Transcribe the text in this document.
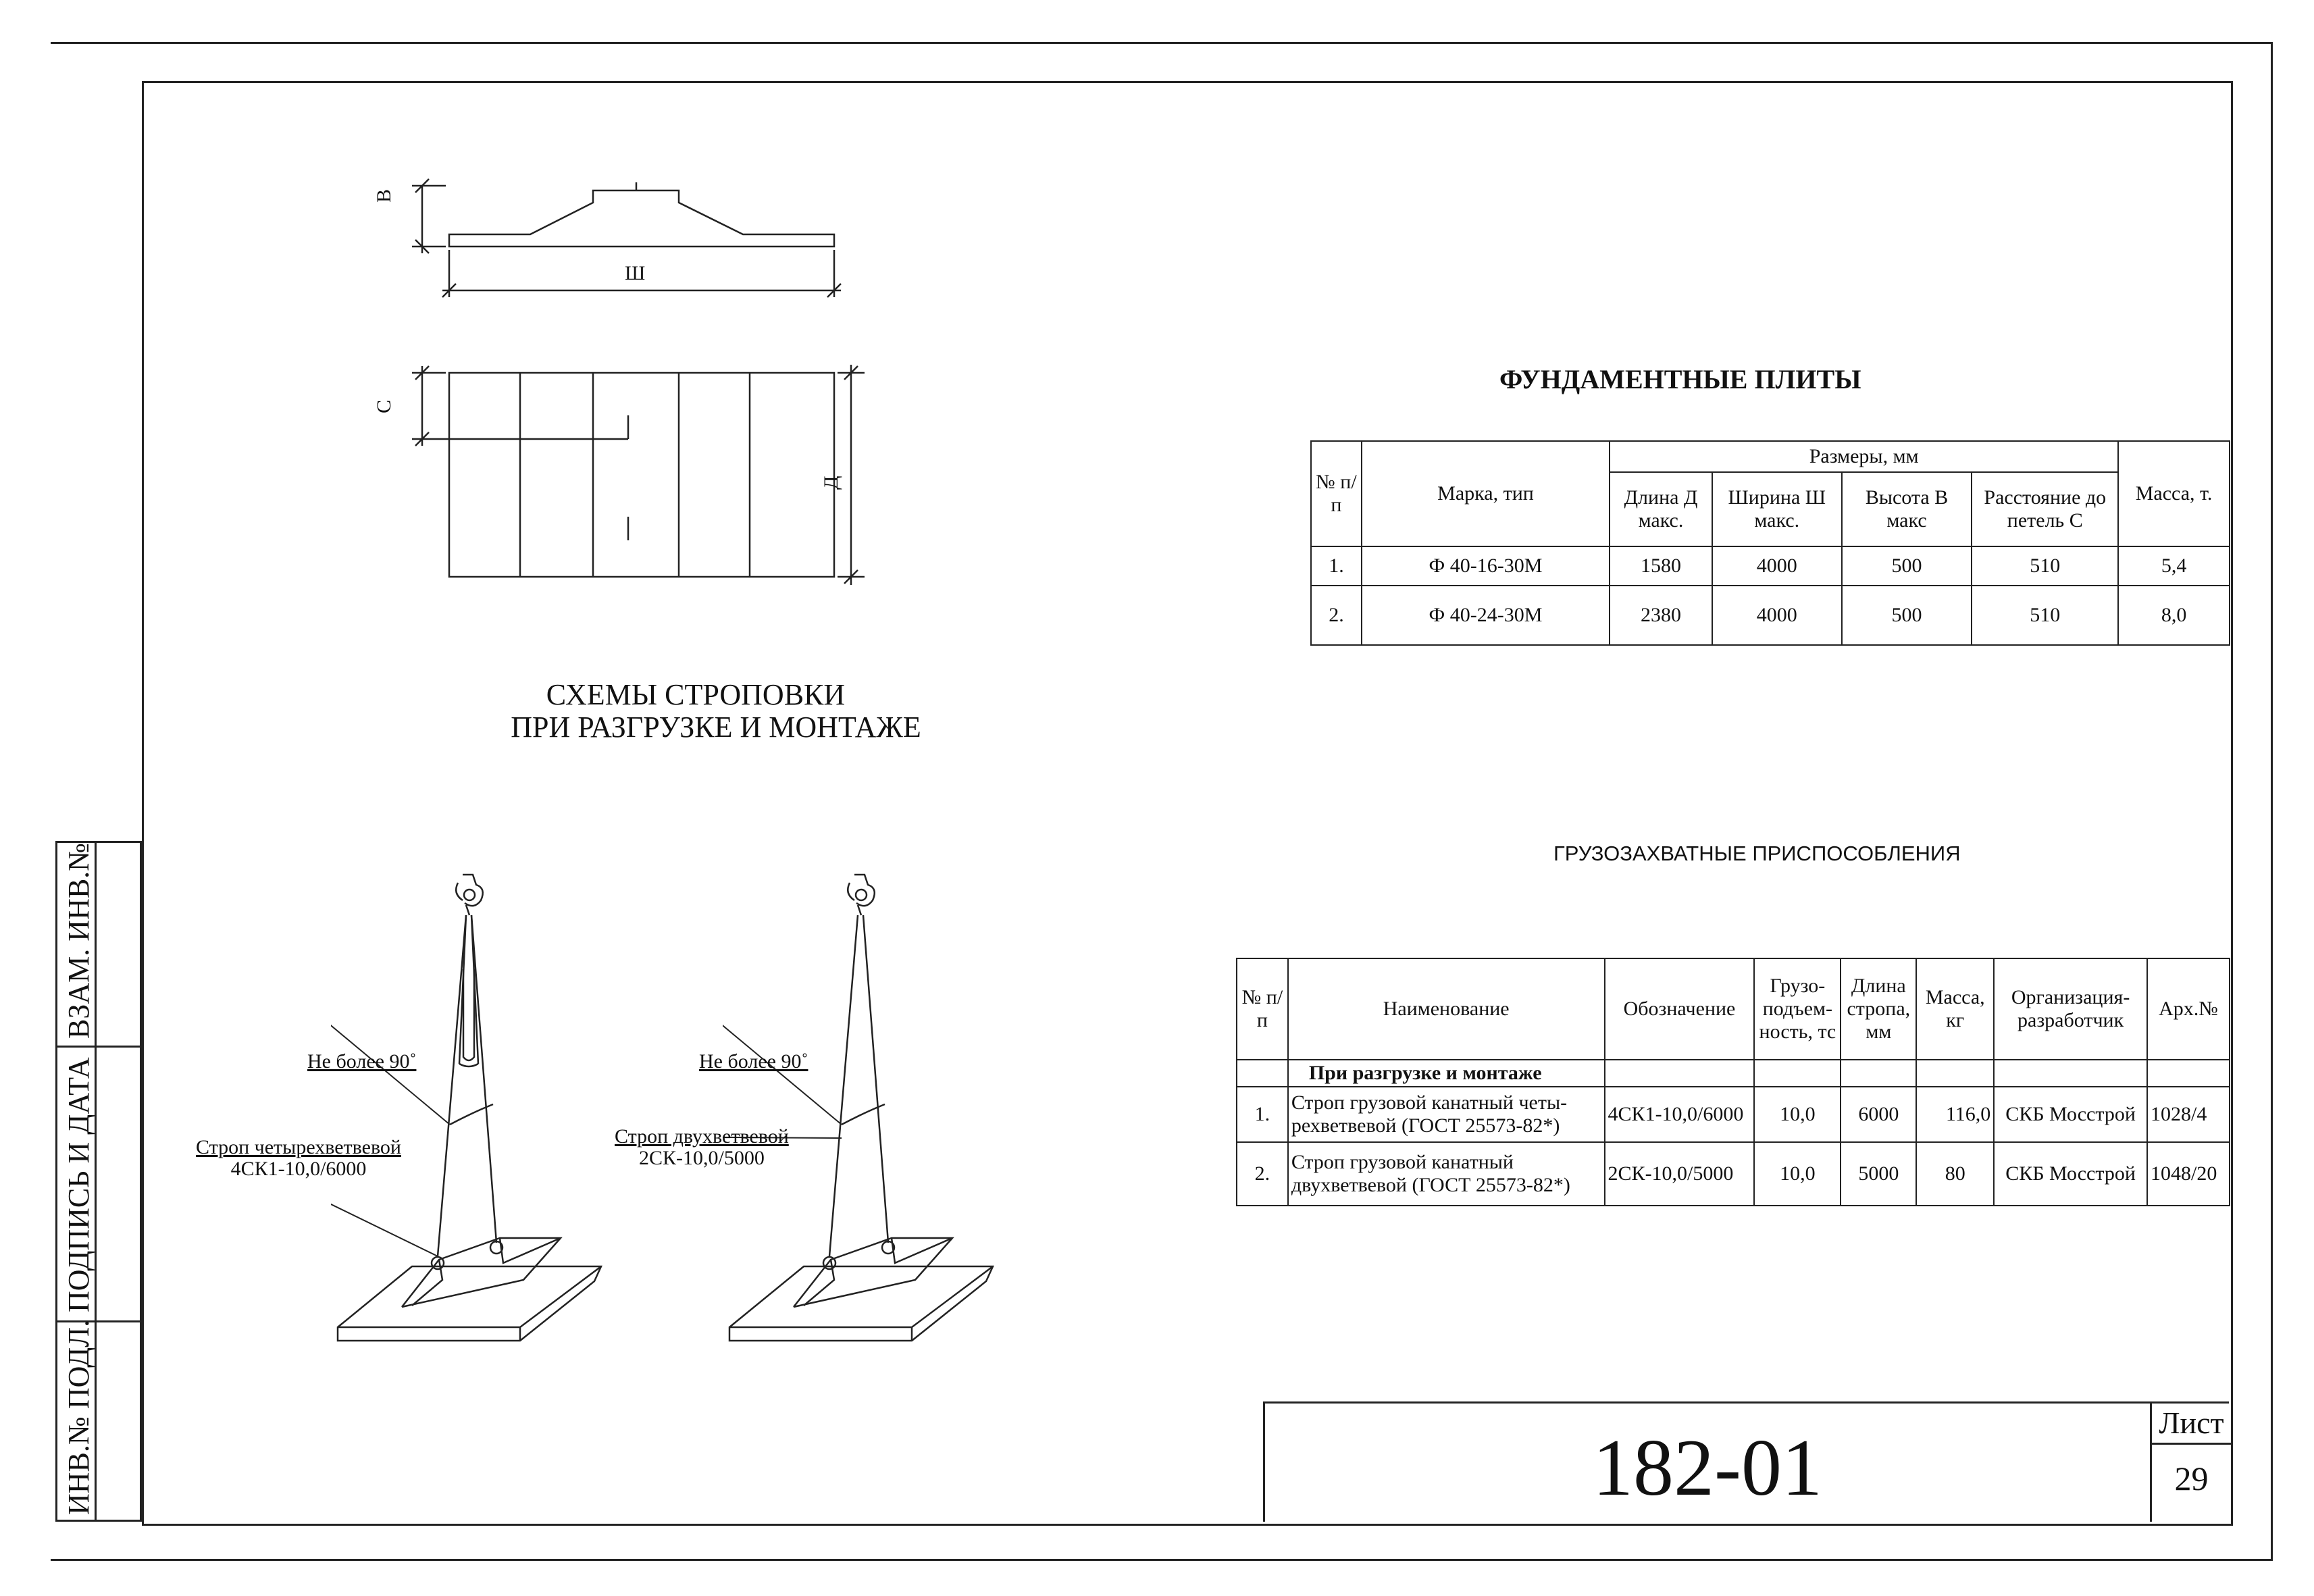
ИНВ.№ ПОДЛ.
ПОДПИСЬ И ДАТА
ВЗАМ. ИНВ.№
В
Ш
С
Д
СХЕМЫ СТРОПОВКИ
ПРИ РАЗГРУЗКЕ И МОНТАЖЕ
Не более 90˚
Строп четырехветвевой
4СК1-10,0/6000
Не более 90˚
Строп двухветвевой
2СК-10,0/5000
ФУНДАМЕНТНЫЕ ПЛИТЫ
№ п/п	Марка, тип	Размеры, мм				Масса, т.
		Длина Д макс.	Ширина Ш макс.	Высота В макс	Расстояние до петель С	
1.	Ф 40-16-30М	1580	4000	500	510	5,4
2.	Ф 40-24-30М	2380	4000	500	510	8,0
ГРУЗОЗАХВАТНЫЕ ПРИСПОСОБЛЕНИЯ
№ п/п	Наименование	Обозначение	Грузо-подъем-ность, тс	Длина стропа, мм	Масса, кг	Организация-разработчик	Арх.№
	При разгрузке и монтаже						
1.	Строп грузовой канатный четы-рехветвевой (ГОСТ 25573-82*)	4СК1-10,0/6000	10,0	6000	116,0	СКБ Мосстрой	1028/4
2.	Строп грузовой канатный двухветвевой (ГОСТ 25573-82*)	2СК-10,0/5000	10,0	5000	80	СКБ Мосстрой	1048/20
182-01	Лист
29
